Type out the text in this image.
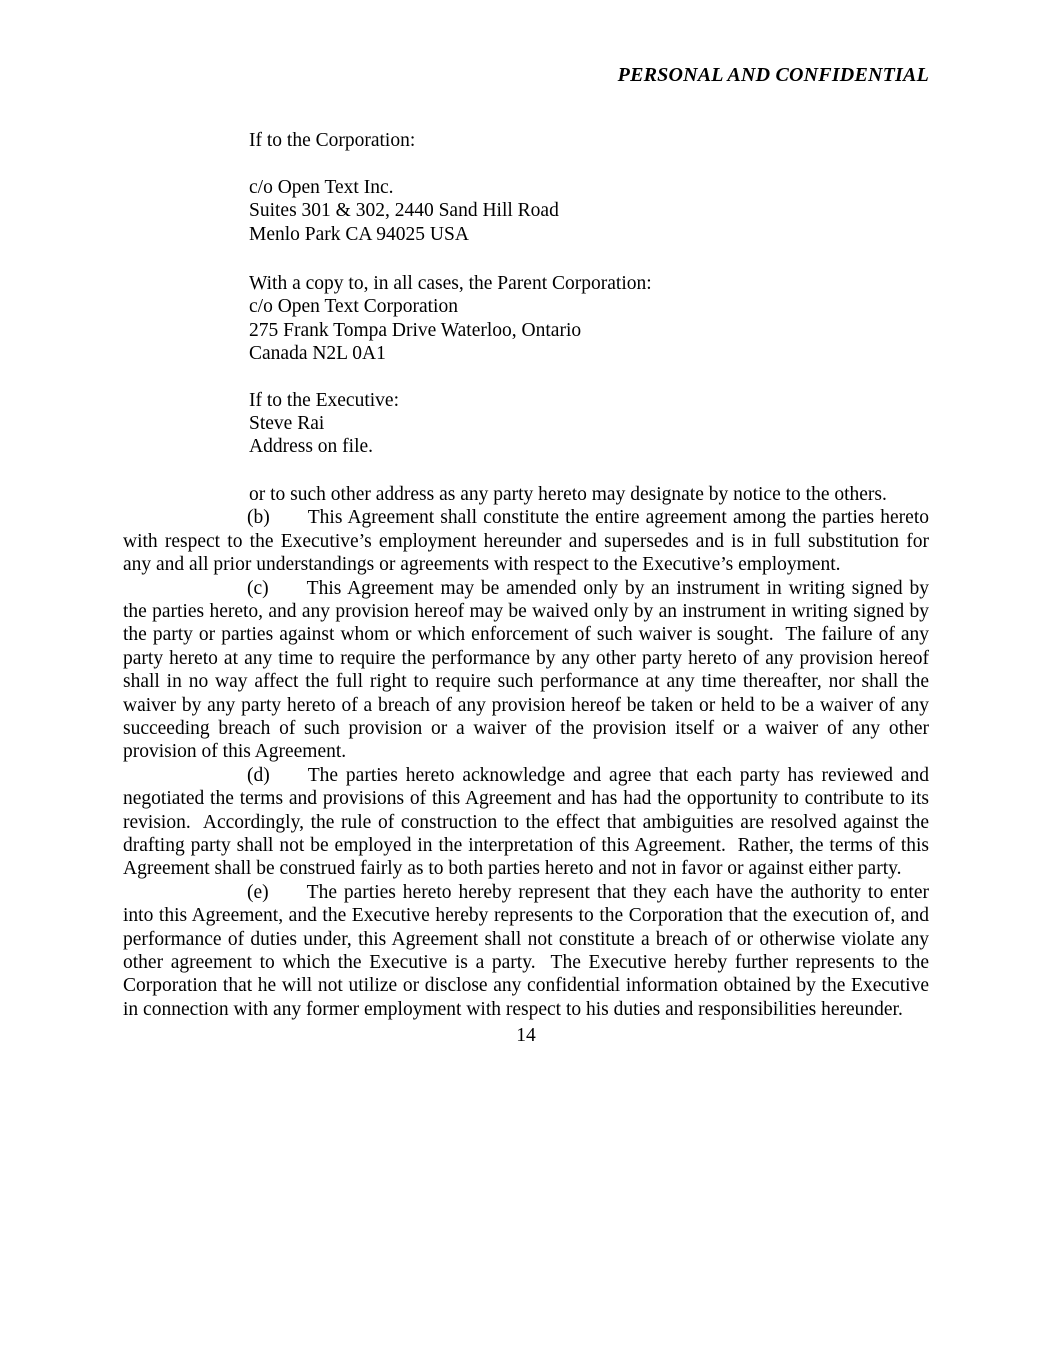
PERSONAL AND CONFIDENTIAL
If to the Corporation:
c/o Open Text Inc.
Suites 301 & 302, 2440 Sand Hill Road
Menlo Park CA 94025 USA
With a copy to, in all cases, the Parent Corporation:
c/o Open Text Corporation
275 Frank Tompa Drive Waterloo, Ontario
Canada N2L 0A1
If to the Executive:
Steve Rai
Address on file.
or to such other address as any party hereto may designate by notice to the others.

(b) This Agreement shall constitute the entire agreement among the parties hereto with respect to the Executive’s employment hereunder and supersedes and is in full substitution for any and all prior understandings or agreements with respect to the Executive’s employment.

(c) This Agreement may be amended only by an instrument in writing signed by the parties hereto, and any provision hereof may be waived only by an instrument in writing signed by the party or parties against whom or which enforcement of such waiver is sought.  The failure of any party hereto at any time to require the performance by any other party hereto of any provision hereof shall in no way affect the full right to require such performance at any time thereafter, nor shall the waiver by any party hereto of a breach of any provision hereof be taken or held to be a waiver of any succeeding breach of such provision or a waiver of the provision itself or a waiver of any other provision of this Agreement.

(d) The parties hereto acknowledge and agree that each party has reviewed and negotiated the terms and provisions of this Agreement and has had the opportunity to contribute to its revision.  Accordingly, the rule of construction to the effect that ambiguities are resolved against the drafting party shall not be employed in the interpretation of this Agreement.  Rather, the terms of this Agreement shall be construed fairly as to both parties hereto and not in favor or against either party.

(e) The parties hereto hereby represent that they each have the authority to enter into this Agreement, and the Executive hereby represents to the Corporation that the execution of, and performance of duties under, this Agreement shall not constitute a breach of or otherwise violate any other agreement to which the Executive is a party.  The Executive hereby further represents to the Corporation that he will not utilize or disclose any confidential information obtained by the Executive in connection with any former employment with respect to his duties and responsibilities hereunder.

14
